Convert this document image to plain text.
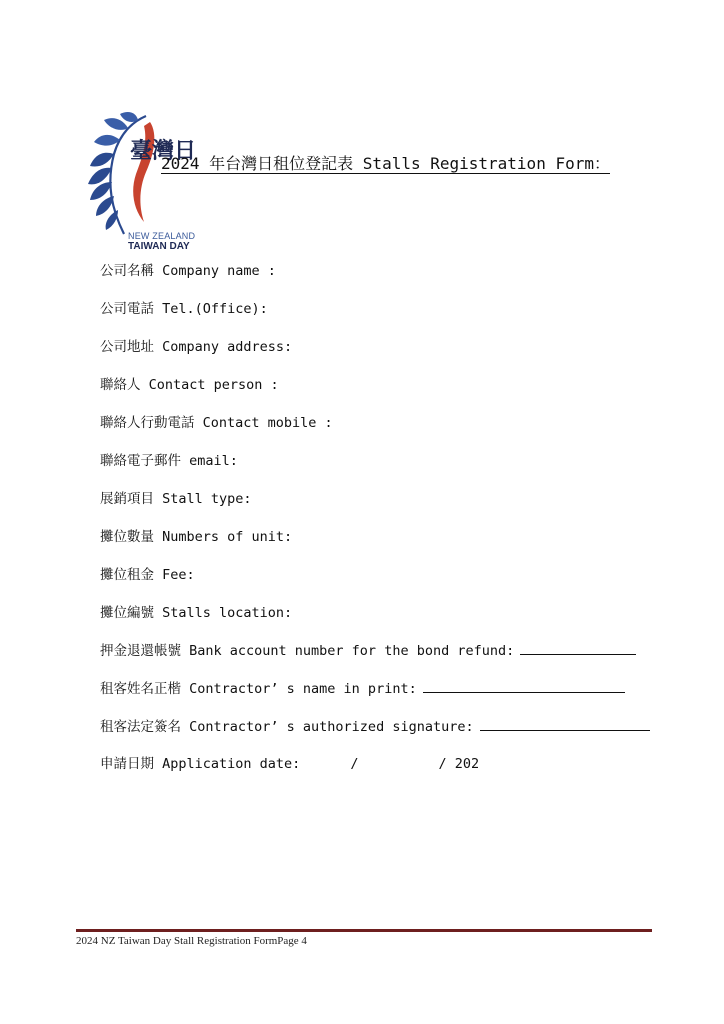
臺灣日
NEW ZEALAND
TAIWAN DAY
2024 年台灣日租位登記表 Stalls Registration Form：
公司名稱 Company name :
公司電話 Tel.(Office):
公司地址 Company address:
聯絡人 Contact person :
聯絡人行動電話 Contact mobile :
聯絡電子郵件 email:
展銷項目 Stall type:
攤位數量 Numbers of unit:
攤位租金 Fee:
攤位編號 Stalls location:
押金退還帳號 Bank account number for the bond refund:
租客姓名正楷 Contractor’ s name in print:
租客法定簽名 Contractor’ s authorized signature:
申請日期 Application date:	/	/ 202
2024 NZ Taiwan Day Stall Registration FormPage 4
